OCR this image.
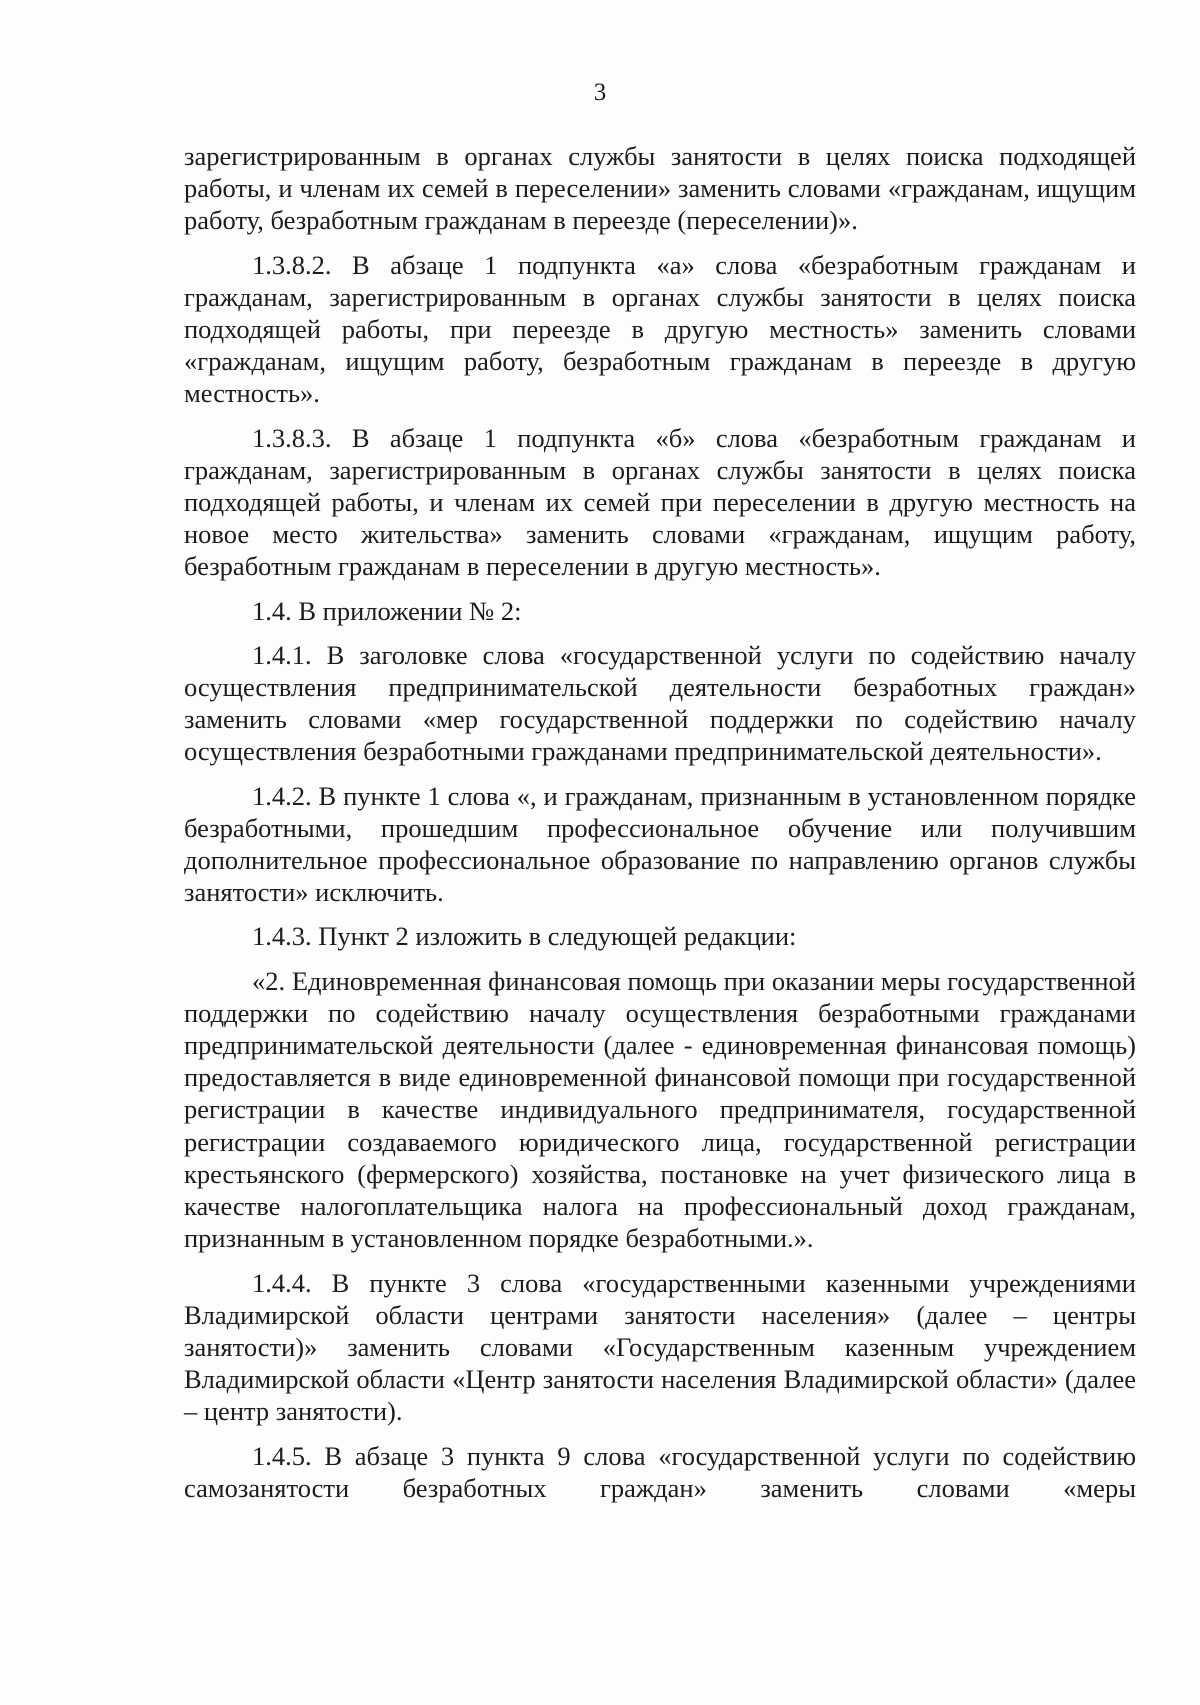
3

зарегистрированным в органах службы занятости в целях поиска подходящей работы, и членам их семей в переселении» заменить словами «гражданам, ищущим работу, безработным гражданам в переезде (переселении)».

1.3.8.2. В абзаце 1 подпункта «а» слова «безработным гражданам и гражданам, зарегистрированным в органах службы занятости в целях поиска подходящей работы, при переезде в другую местность» заменить словами «гражданам, ищущим работу, безработным гражданам в переезде в другую местность».

1.3.8.3. В абзаце 1 подпункта «б» слова «безработным гражданам и гражданам, зарегистрированным в органах службы занятости в целях поиска подходящей работы, и членам их семей при переселении в другую местность на новое место жительства» заменить словами «гражданам, ищущим работу, безработным гражданам в переселении в другую местность».

1.4. В приложении № 2:

1.4.1. В заголовке слова «государственной услуги по содействию началу осуществления предпринимательской деятельности безработных граждан» заменить словами «мер государственной поддержки по содействию началу осуществления безработными гражданами предпринимательской деятельности».

1.4.2. В пункте 1 слова «, и гражданам, признанным в установленном порядке безработными, прошедшим профессиональное обучение или получившим дополнительное профессиональное образование по направлению органов службы занятости» исключить.

1.4.3. Пункт 2 изложить в следующей редакции:

«2. Единовременная финансовая помощь при оказании меры государственной поддержки по содействию началу осуществления безработными гражданами предпринимательской деятельности (далее - единовременная финансовая помощь) предоставляется в виде единовременной финансовой помощи при государственной регистрации в качестве индивидуального предпринимателя, государственной регистрации создаваемого юридического лица, государственной регистрации крестьянского (фермерского) хозяйства, постановке на учет физического лица в качестве налогоплательщика налога на профессиональный доход гражданам, признанным в установленном порядке безработными.».

1.4.4. В пункте 3 слова «государственными казенными учреждениями Владимирской области центрами занятости населения» (далее – центры занятости)» заменить словами «Государственным казенным учреждением Владимирской области «Центр занятости населения Владимирской области» (далее – центр занятости).

1.4.5. В абзаце 3 пункта 9 слова «государственной услуги по содействию самозанятости безработных граждан» заменить словами «меры
